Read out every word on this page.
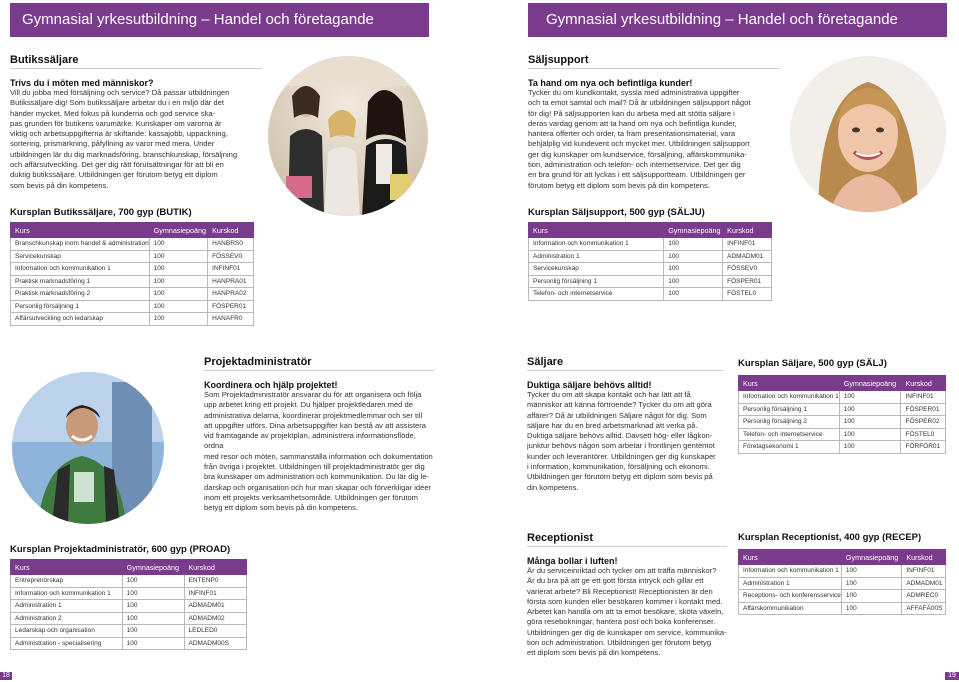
Gymnasial yrkesutbildning – Handel och företagande	Gymnasial yrkesutbildning – Handel och företagande
Butikssäljare
Trivs du i möten med människor?
Vill du jobba med försäljning och service? Då passar utbildningen
Butikssäljare dig! Som butikssäljare arbetar du i en miljö där det
händer mycket. Med fokus på kunderna och god service ska-
pas grunden för butikens varumärke. Kunskaper om varorna är
viktig och arbetsuppgifterna är skiftande: kassajobb, uppackning,
sortering, prismärkning, påfyllning av varor med mera. Under
utbildningen lär du dig marknadsföring, branschkunskap, försäljning
och affärsutveckling. Det ger dig rätt förutsättningar för att bli en
duktig butikssäljare. Utbildningen ger förutom betyg ett diplom
som bevis på din kompetens.
Kursplan Butikssäljare, 700 gyp (BUTIK)
Kurs	Gymnasiepoäng	Kurskod
Branschkunskap inom handel & administration	100	HANBRS0
Servicekunskap	100	FÖSSEV0
Information och kommunikation 1	100	INFINF01
Praktisk marknadsföring 1	100	HANPRA01
Praktisk marknadsföring 2	100	HANPRA02
Personlig försäljning 1	100	FÖSPER01
Affärsutveckling och ledarskap	100	HANAFR0
Säljsupport
Ta hand om nya och befintliga kunder!
Tycker du om kundkontakt, syssla med administrativa uppgifter
och ta emot samtal och mail? Då är utbildningen säljsupport något
för dig! På säljsupporten kan du arbeta med att stötta säljare i
deras vardag genom att ta hand om nya och befintliga kunder,
hantera offerter och order, ta fram presentationsmaterial, vara
behjälplig vid kundevent och mycket mer. Utbildningen säljsupport
ger dig kunskaper om kundservice, försäljning, affärskommunika-
tion, administration och telefon- och internetservice. Det ger dig
en bra grund för att lyckas i ett säljsupportteam. Utbildningen ger
förutom betyg ett diplom som bevis på din kompetens.
Kursplan Säljsupport, 500 gyp (SÄLJU)
Kurs	Gymnasiepoäng	Kurskod
Information och kommunikation 1	100	INFINF01
Administration 1	100	ADMADM01
Servicekunskap	100	FÖSSEV0
Personlig försäljning 1	100	FÖSPER01
Telefon- och internetservice	100	FÖSTEL0
Projektadministratör
Koordinera och hjälp projektet!
Som Projektadministratör ansvarar du för att organisera och följa
upp arbetet kring ett projekt. Du hjälper projektledaren med de
administrativa delarna, koordinerar projektmedlemmar och ser till
att uppgifter utförs. Dina arbetsuppgifter kan bestå av att assistera
vid framtagande av projektplan, administrera informationsflöde, ordna
med resor och möten, sammanställa information och dokumentation
från övriga i projektet. Utbildningen till projektadministratör ger dig
bra kunskaper om administration och kommunikation. Du lär dig le-
darskap och organisation och hur man skapar och förverkligar idéer
inom ett projekts verksamhetsområde. Utbildningen ger förutom
betyg ett diplom som bevis på din kompetens.
Kursplan Projektadministratör, 600 gyp (PROAD)
Kurs	Gymnasiepoäng	Kurskod
Entreprenörskap	100	ENTENP0
Information och kommunikation 1	100	INFINF01
Administration 1	100	ADMADM01
Administration 2	100	ADMADM02
Ledarskap och organisation	100	LEDLED0
Administration - specialisering	100	ADMADM00S
Säljare
Duktiga säljare behövs alltid!
Tycker du om att skapa kontakt och har lätt att få
människor att känna förtroende? Tycker du om att göra
affärer? Då är utbildningen Säljare något för dig. Som
säljare har du en bred arbetsmarknad att verka på.
Duktiga säljare behövs alltid. Davsett hög- eller lågkon-
junktur behövs någon som arbetar i frontlinjen gentemot
kunder och leverantörer. Utbildningen ger dig kunskaper
i information, kommunikation, försäljning och ekonomi.
Utbildningen ger förutom betyg ett diplom som bevis på
din kompetens.
Kursplan Säljare, 500 gyp (SÄLJ)
Kurs	Gymnasiepoäng	Kurskod
Information och kommunikation 1	100	INFINF01
Personlig försäljning 1	100	FÖSPER01
Personlig försäljning 2	100	FÖSPER02
Telefon- och internetservice	100	FÖSTEL0
Företagsekonomi 1	100	FÖRFÖR01
Receptionist
Många bollar i luften!
Är du serviceinriktad och tycker om att träffa människor?
Är du bra på att ge ett gott första intryck och gillar ett
varierat arbete? Bli Receptionist! Receptionisten är den
första som kunden eller besökaren kommer i kontakt med.
Arbetet kan handla om att ta emot besökare, sköta växeln,
göra resebokningar, hantera post och boka konferenser.
Utbildningen ger dig de kunskaper om service, kommunika-
tion och administration. Utbildningen ger förutom betyg
ett diplom som bevis på din kompetens.
Kursplan Receptionist, 400 gyp (RECEP)
Kurs	Gymnasiepoäng	Kurskod
Information och kommunikation 1	100	INFINF01
Administration 1	100	ADMADM01
Receptions- och konferensservice	100	ADMREC0
Affärskommunikation	100	AFFAFÄ00S
18	19
